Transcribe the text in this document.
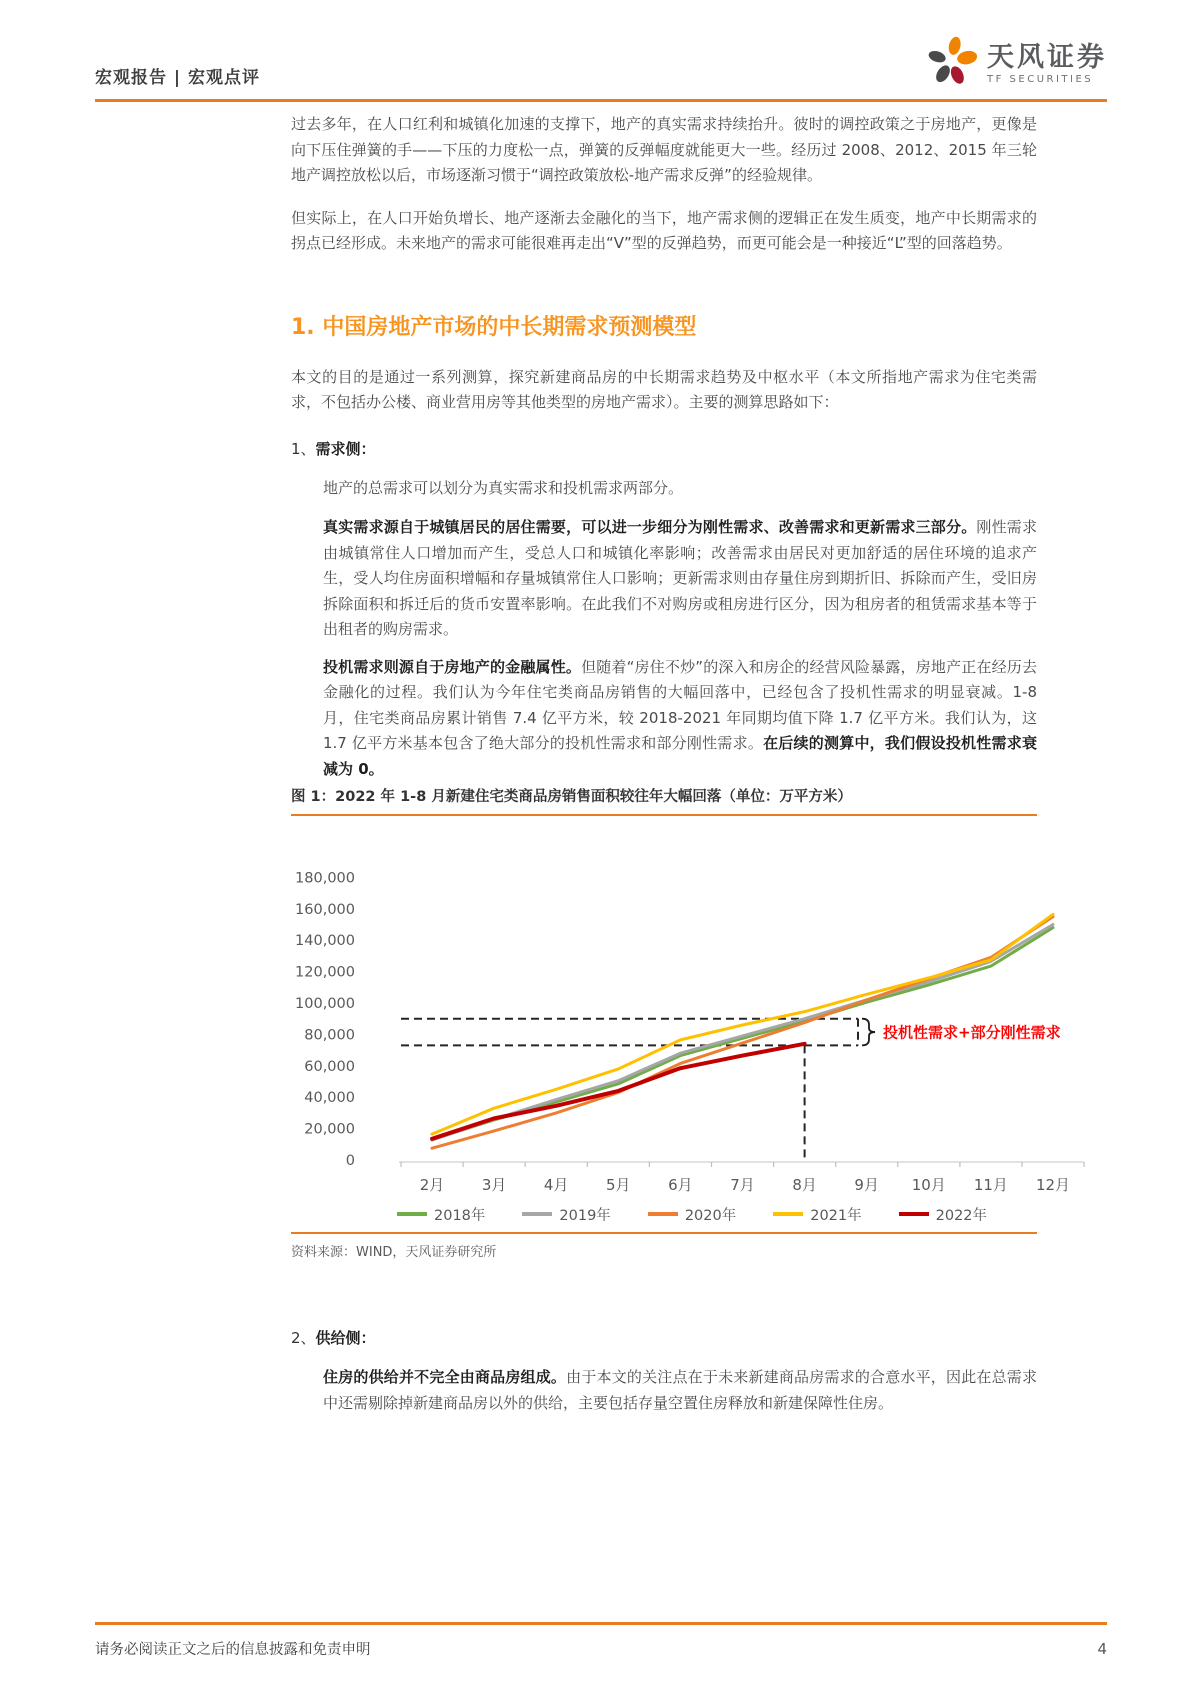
宏观报告 | 宏观点评
天风证券
TF SECURITIES

过去多年，在人口红利和城镇化加速的支撑下，地产的真实需求持续抬升。彼时的调控政策之于房地产，更像是向下压住弹簧的手——下压的力度松一点，弹簧的反弹幅度就能更大一些。经历过 2008、2012、2015 年三轮地产调控放松以后，市场逐渐习惯于“调控政策放松-地产需求反弹”的经验规律。

但实际上，在人口开始负增长、地产逐渐去金融化的当下，地产需求侧的逻辑正在发生质变，地产中长期需求的拐点已经形成。未来地产的需求可能很难再走出“V”型的反弹趋势，而更可能会是一种接近“L”型的回落趋势。

1. 中国房地产市场的中长期需求预测模型

本文的目的是通过一系列测算，探究新建商品房的中长期需求趋势及中枢水平（本文所指地产需求为住宅类需求，不包括办公楼、商业营用房等其他类型的房地产需求）。主要的测算思路如下：

1、需求侧：

地产的总需求可以划分为真实需求和投机需求两部分。

真实需求源自于城镇居民的居住需要，可以进一步细分为刚性需求、改善需求和更新需求三部分。刚性需求由城镇常住人口增加而产生，受总人口和城镇化率影响；改善需求由居民对更加舒适的居住环境的追求产生，受人均住房面积增幅和存量城镇常住人口影响；更新需求则由存量住房到期折旧、拆除而产生，受旧房拆除面积和拆迁后的货币安置率影响。在此我们不对购房或租房进行区分，因为租房者的租赁需求基本等于出租者的购房需求。

投机需求则源自于房地产的金融属性。但随着“房住不炒”的深入和房企的经营风险暴露，房地产正在经历去金融化的过程。我们认为今年住宅类商品房销售的大幅回落中，已经包含了投机性需求的明显衰减。1-8 月，住宅类商品房累计销售 7.4 亿平方米，较 2018-2021 年同期均值下降 1.7 亿平方米。我们认为，这 1.7 亿平方米基本包含了绝大部分的投机性需求和部分刚性需求。在后续的测算中，我们假设投机性需求衰减为 0。

图 1：2022 年 1-8 月新建住宅类商品房销售面积较往年大幅回落（单位：万平方米）
0
20,000
40,000
60,000
80,000
100,000
120,000
140,000
160,000
180,000
2月	3月	4月	5月	6月	7月	8月	9月 10月 11月 12月
投机性需求+部分刚性需求
2018年	2019年	2020年	2021年	2022年
资料来源：WIND，天风证券研究所

2、供给侧：

住房的供给并不完全由商品房组成。由于本文的关注点在于未来新建商品房需求的合意水平，因此在总需求中还需剔除掉新建商品房以外的供给，主要包括存量空置住房释放和新建保障性住房。

请务必阅读正文之后的信息披露和免责申明	4
